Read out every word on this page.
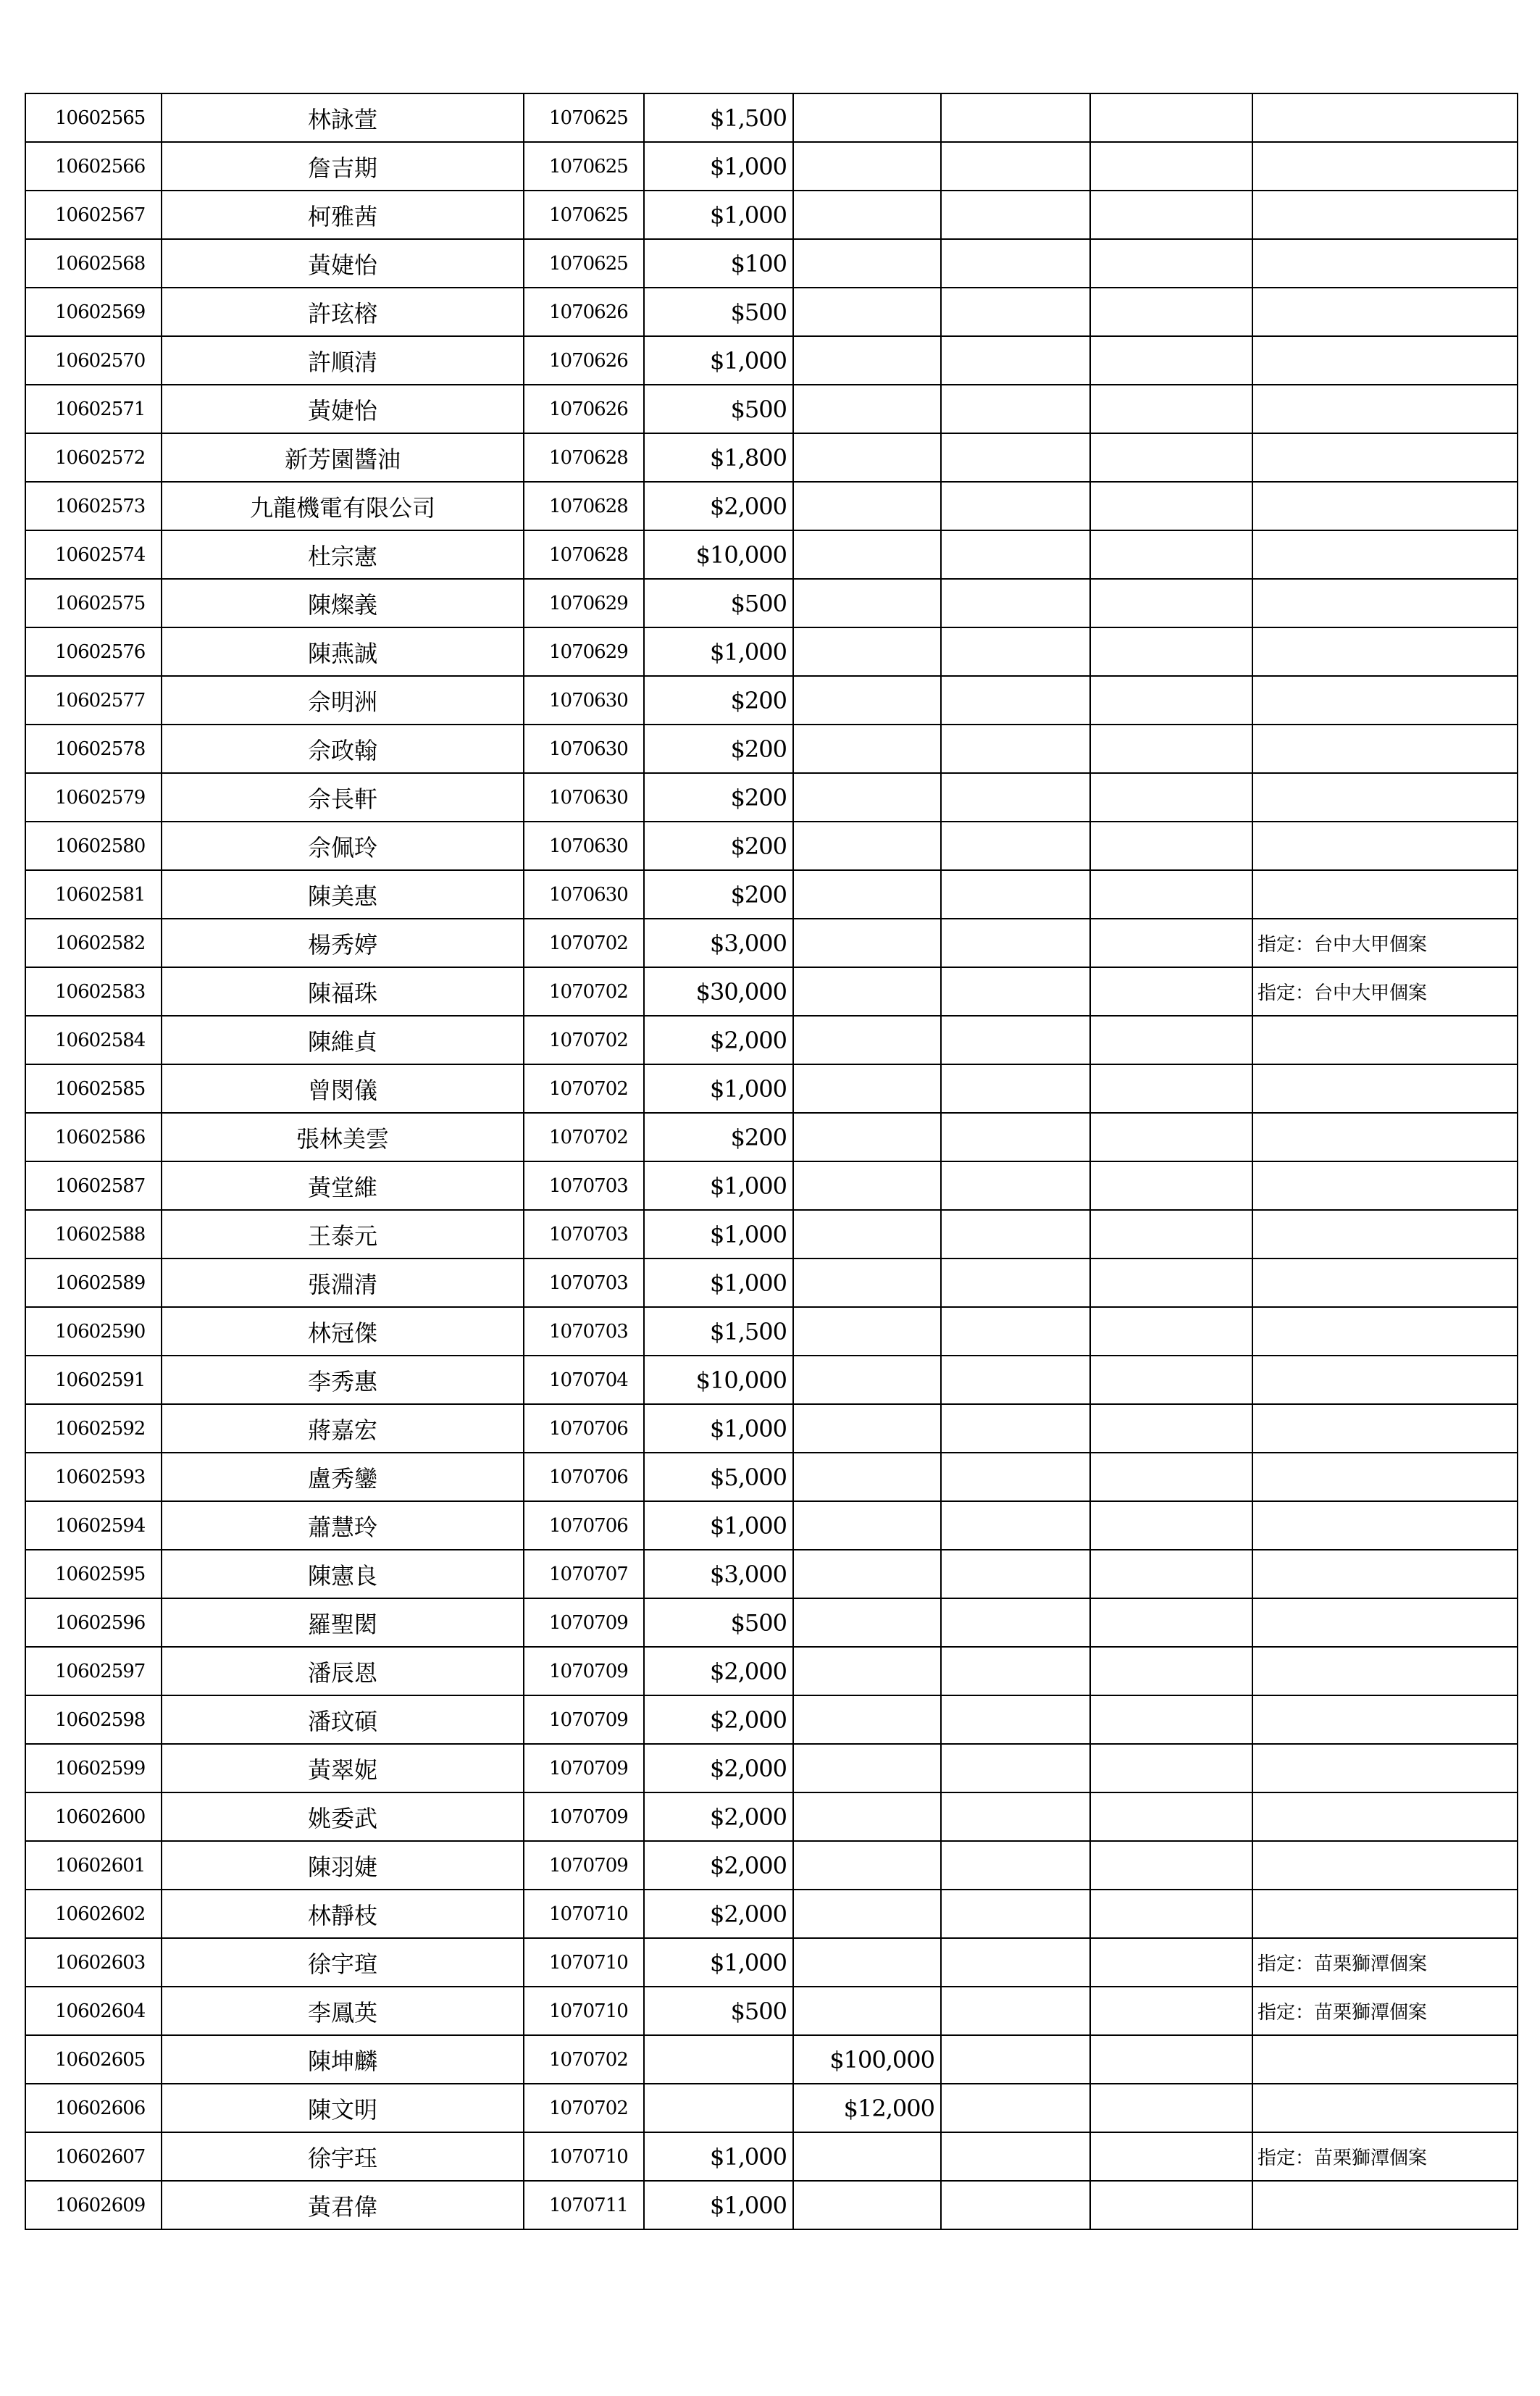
10602565	林詠萱	1070625	$1,500				
10602566	詹吉期	1070625	$1,000				
10602567	柯雅茜	1070625	$1,000				
10602568	黃婕怡	1070625	$100				
10602569	許玹榕	1070626	$500				
10602570	許順清	1070626	$1,000				
10602571	黃婕怡	1070626	$500				
10602572	新芳園醬油	1070628	$1,800				
10602573	九龍機電有限公司	1070628	$2,000				
10602574	杜宗憲	1070628	$10,000				
10602575	陳燦義	1070629	$500				
10602576	陳燕誠	1070629	$1,000				
10602577	佘明洲	1070630	$200				
10602578	佘政翰	1070630	$200				
10602579	佘長軒	1070630	$200				
10602580	佘佩玲	1070630	$200				
10602581	陳美惠	1070630	$200				
10602582	楊秀婷	1070702	$3,000				指定：台中大甲個案
10602583	陳福珠	1070702	$30,000				指定：台中大甲個案
10602584	陳維貞	1070702	$2,000				
10602585	曾閔儀	1070702	$1,000				
10602586	張林美雲	1070702	$200				
10602587	黃堂維	1070703	$1,000				
10602588	王泰元	1070703	$1,000				
10602589	張淵清	1070703	$1,000				
10602590	林冠傑	1070703	$1,500				
10602591	李秀惠	1070704	$10,000				
10602592	蔣嘉宏	1070706	$1,000				
10602593	盧秀鑾	1070706	$5,000				
10602594	蕭慧玲	1070706	$1,000				
10602595	陳憲良	1070707	$3,000				
10602596	羅聖閎	1070709	$500				
10602597	潘辰恩	1070709	$2,000				
10602598	潘玟碩	1070709	$2,000				
10602599	黃翠妮	1070709	$2,000				
10602600	姚委武	1070709	$2,000				
10602601	陳羽婕	1070709	$2,000				
10602602	林靜枝	1070710	$2,000				
10602603	徐宇瑄	1070710	$1,000				指定：苗栗獅潭個案
10602604	李鳳英	1070710	$500				指定：苗栗獅潭個案
10602605	陳坤麟	1070702		$100,000			
10602606	陳文明	1070702		$12,000			
10602607	徐宇珏	1070710	$1,000				指定：苗栗獅潭個案
10602609	黃君偉	1070711	$1,000				
